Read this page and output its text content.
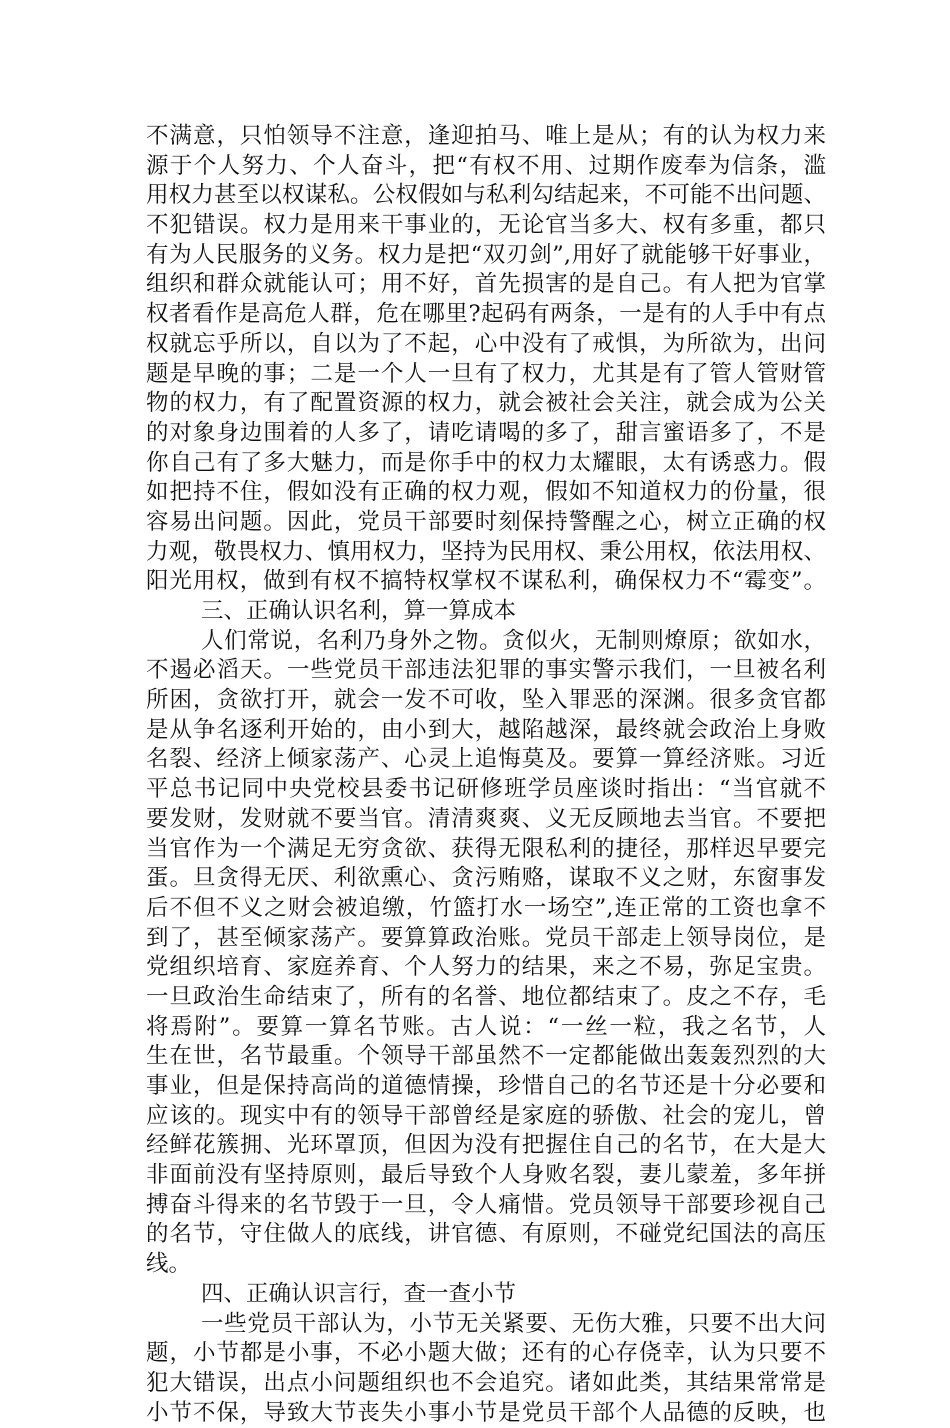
不满意，只怕领导不注意，逢迎拍马、唯上是从；有的认为权力来
源于个人努力、个人奋斗，把“有权不用、过期作废奉为信条，滥
用权力甚至以权谋私。公权假如与私利勾结起来，不可能不出问题、
不犯错误。权力是用来干事业的，无论官当多大、权有多重，都只
有为人民服务的义务。权力是把“双刃剑”,用好了就能够干好事业，
组织和群众就能认可；用不好，首先损害的是自己。有人把为官掌
权者看作是高危人群，危在哪里?起码有两条，一是有的人手中有点
权就忘乎所以，自以为了不起，心中没有了戒惧，为所欲为，出问
题是早晚的事；二是一个人一旦有了权力，尤其是有了管人管财管
物的权力，有了配置资源的权力，就会被社会关注，就会成为公关
的对象身边围着的人多了，请吃请喝的多了，甜言蜜语多了，不是
你自己有了多大魅力，而是你手中的权力太耀眼，太有诱惑力。假
如把持不住，假如没有正确的权力观，假如不知道权力的份量，很
容易出问题。因此，党员干部要时刻保持警醒之心，树立正确的权
力观，敬畏权力、慎用权力，坚持为民用权、秉公用权，依法用权、
阳光用权，做到有权不搞特权掌权不谋私利，确保权力不“霉变”。
三、正确认识名利，算一算成本
人们常说，名利乃身外之物。贪似火，无制则燎原；欲如水，
不遏必滔天。一些党员干部违法犯罪的事实警示我们，一旦被名利
所困，贪欲打开，就会一发不可收，坠入罪恶的深渊。很多贪官都
是从争名逐利开始的，由小到大，越陷越深，最终就会政治上身败
名裂、经济上倾家荡产、心灵上追悔莫及。要算一算经济账。习近
平总书记同中央党校县委书记研修班学员座谈时指出：“当官就不
要发财，发财就不要当官。清清爽爽、义无反顾地去当官。不要把
当官作为一个满足无穷贪欲、获得无限私利的捷径，那样迟早要完
蛋。旦贪得无厌、利欲熏心、贪污贿赂，谋取不义之财，东窗事发
后不但不义之财会被追缴，竹篮打水一场空”,连正常的工资也拿不
到了，甚至倾家荡产。要算算政治账。党员干部走上领导岗位，是
党组织培育、家庭养育、个人努力的结果，来之不易，弥足宝贵。
一旦政治生命结束了，所有的名誉、地位都结束了。皮之不存，毛
将焉附”。要算一算名节账。古人说：“一丝一粒，我之名节，人
生在世，名节最重。个领导干部虽然不一定都能做出轰轰烈烈的大
事业，但是保持高尚的道德情操，珍惜自己的名节还是十分必要和
应该的。现实中有的领导干部曾经是家庭的骄傲、社会的宠儿，曾
经鲜花簇拥、光环罩顶，但因为没有把握住自己的名节，在大是大
非面前没有坚持原则，最后导致个人身败名裂，妻儿蒙羞，多年拼
搏奋斗得来的名节毁于一旦，令人痛惜。党员领导干部要珍视自己
的名节，守住做人的底线，讲官德、有原则，不碰党纪国法的高压
线。
四、正确认识言行，查一查小节
一些党员干部认为，小节无关紧要、无伤大雅，只要不出大问
题，小节都是小事，不必小题大做；还有的心存侥幸，认为只要不
犯大错误，出点小问题组织也不会追究。诸如此类，其结果常常是
小节不保，导致大节丧失小事小节是党员干部个人品德的反映，也
